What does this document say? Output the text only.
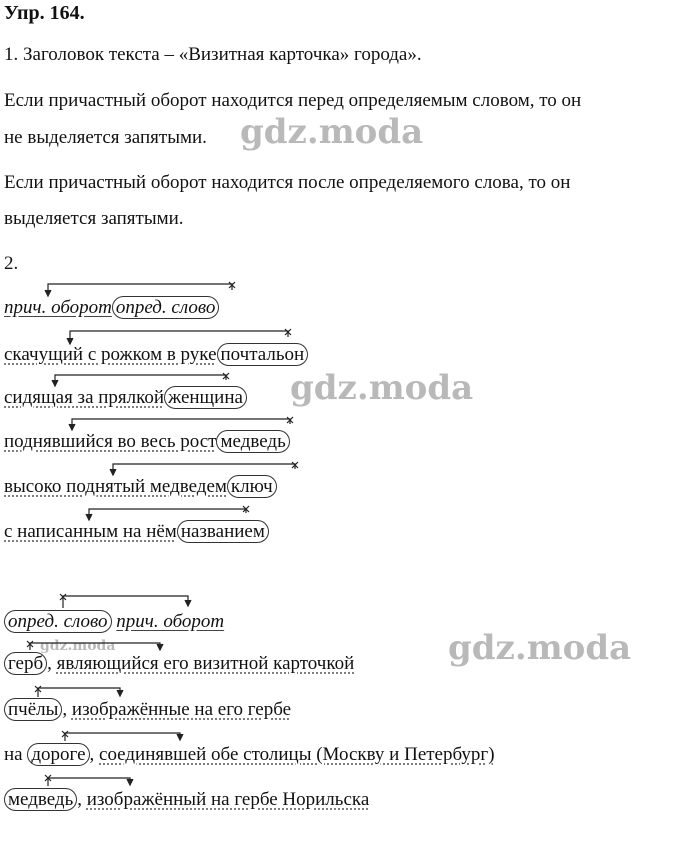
Упр. 164.
1. Заголовок текста – «Визитная карточка» города».
Если причастный оборот находится перед определяемым словом, то он
не выделяется запятыми. gdz.moda
Если причастный оборот находится после определяемого слова, то он
выделяется запятыми.
2.
прич. оборот опред. слово
скачущий с рожком в руке почтальон
сидящая за прялкой женщина gdz.moda
поднявшийся во весь рост медведь
высоко поднятый медведем ключ
с написанным на нём названием
опред. слово прич. оборот
gdz.moda
gdz.moda
герб , являющийся его визитной карточкой
пчёлы , изображённые на его гербе
на дороге , соединявшей обе столицы (Москву и Петербург)
медведь , изображённый на гербе Норильска
